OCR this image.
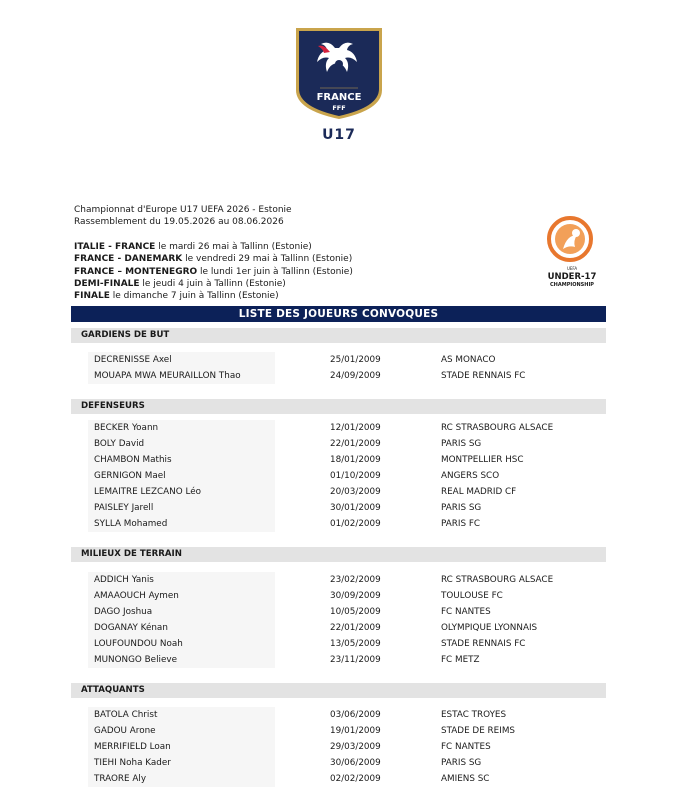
FRANCE
FFF
U17
Championnat d'Europe U17 UEFA 2026 - Estonie
Rassemblement du 19.05.2026 au 08.06.2026
ITALIE - FRANCE le mardi 26 mai à Tallinn (Estonie)
FRANCE - DANEMARK le vendredi 29 mai à Tallinn (Estonie)
FRANCE – MONTENEGRO le lundi 1er juin à Tallinn (Estonie)
DEMI-FINALE le jeudi 4 juin à Tallinn (Estonie)
FINALE le dimanche 7 juin à Tallinn (Estonie)
UEFA
UNDER-17
CHAMPIONSHIP
LISTE DES JOUEURS CONVOQUES
GARDIENS DE BUT
DECRENISSE Axel	25/01/2009	AS MONACO
MOUAPA MWA MEURAILLON Thao	24/09/2009	STADE RENNAIS FC
DEFENSEURS
BECKER Yoann	12/01/2009	RC STRASBOURG ALSACE
BOLY David	22/01/2009	PARIS SG
CHAMBON Mathis	18/01/2009	MONTPELLIER HSC
GERNIGON Mael	01/10/2009	ANGERS SCO
LEMAITRE LEZCANO Léo	20/03/2009	REAL MADRID CF
PAISLEY Jarell	30/01/2009	PARIS SG
SYLLA Mohamed	01/02/2009	PARIS FC
MILIEUX DE TERRAIN
ADDICH Yanis	23/02/2009	RC STRASBOURG ALSACE
AMAAOUCH Aymen	30/09/2009	TOULOUSE FC
DAGO Joshua	10/05/2009	FC NANTES
DOGANAY Kénan	22/01/2009	OLYMPIQUE LYONNAIS
LOUFOUNDOU Noah	13/05/2009	STADE RENNAIS FC
MUNONGO Believe	23/11/2009	FC METZ
ATTAQUANTS
BATOLA Christ	03/06/2009	ESTAC TROYES
GADOU Arone	19/01/2009	STADE DE REIMS
MERRIFIELD Loan	29/03/2009	FC NANTES
TIEHI Noha Kader	30/06/2009	PARIS SG
TRAORE Aly	02/02/2009	AMIENS SC
